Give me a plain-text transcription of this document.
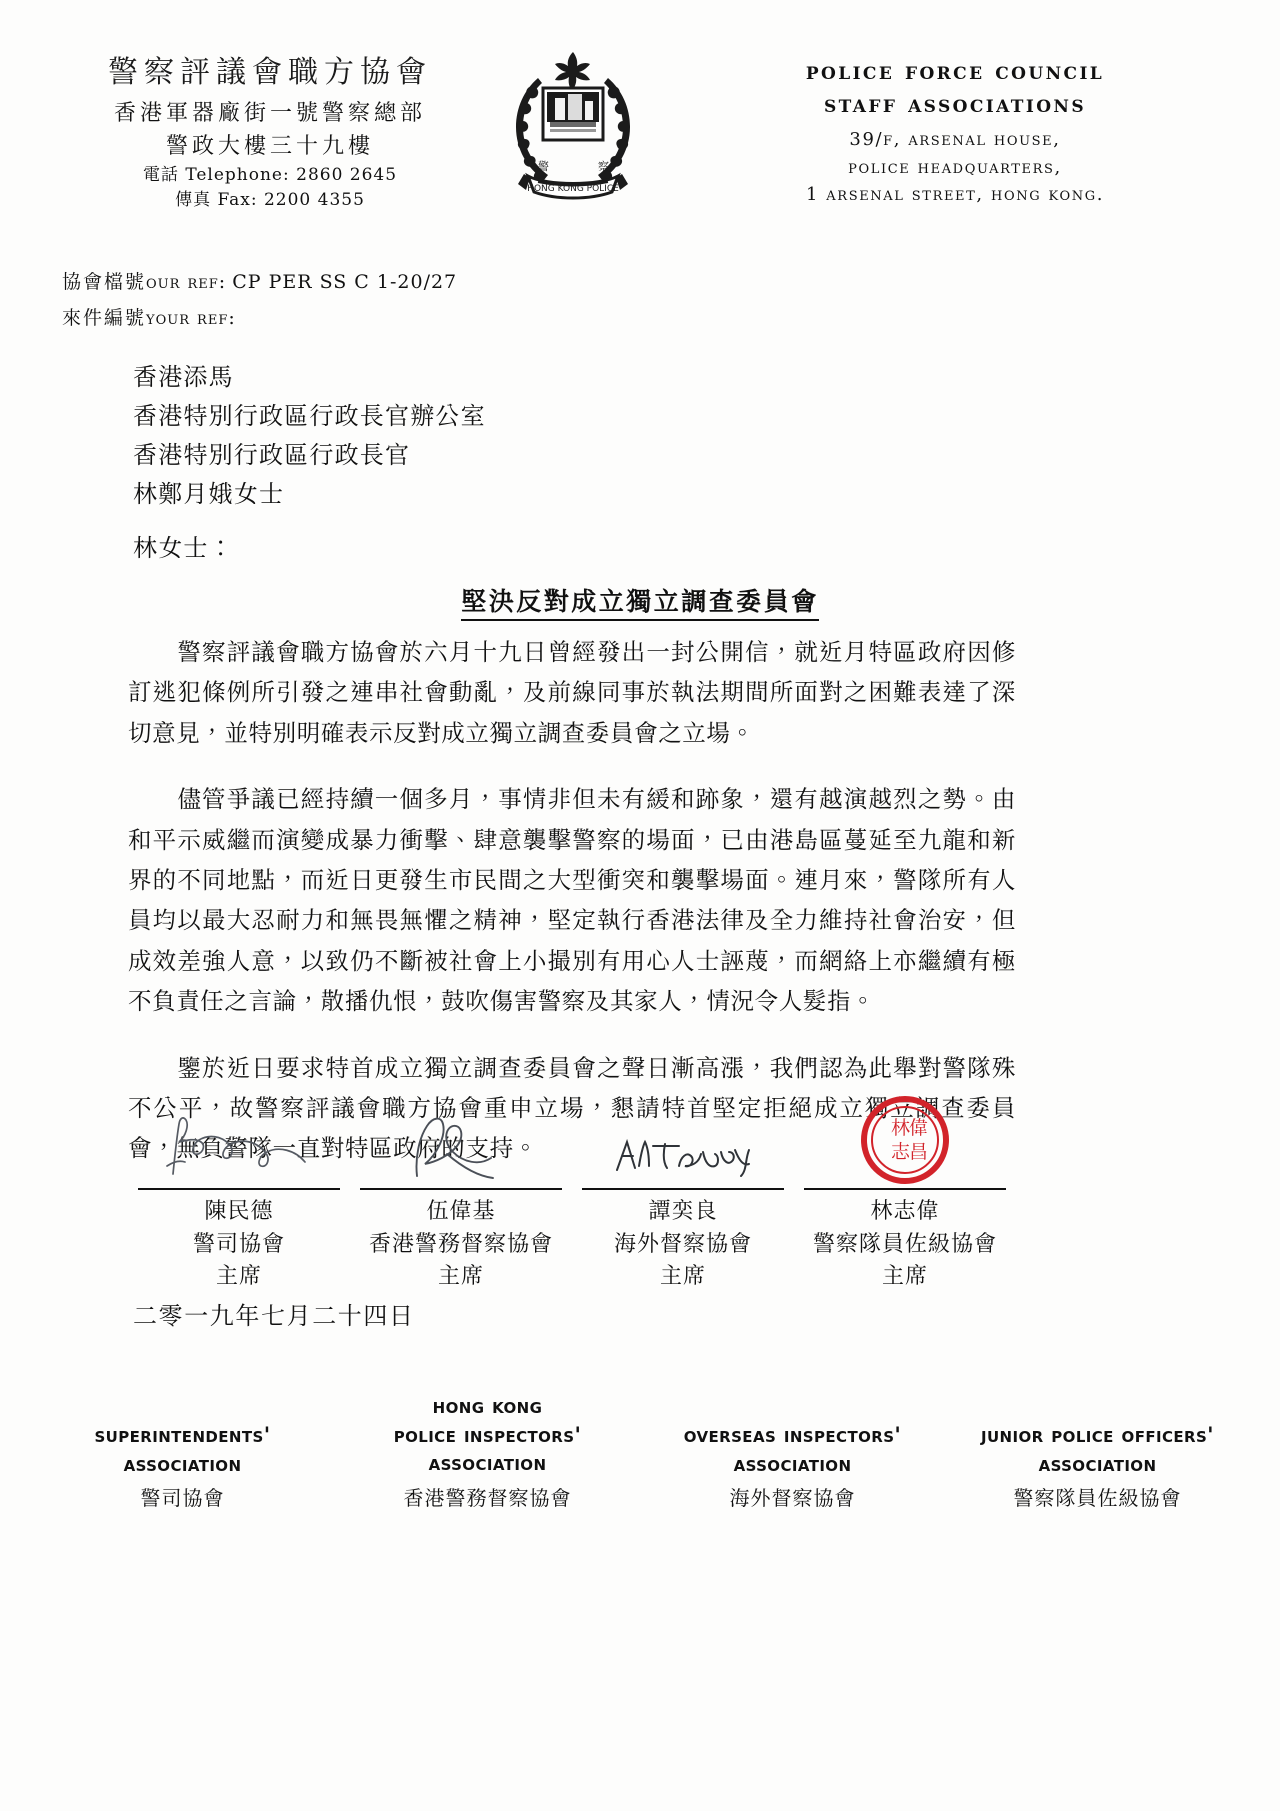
警察評議會職方協會
香港軍器廠街一號警察總部
警政大樓三十九樓
電話 Telephone: 2860 2645
傳真 Fax: 2200 4355
HONG KONG POLICE
警	察
police force council
staff associations
39/f, arsenal house,
police headquarters,
1 arsenal street, hong kong.
協會檔號our ref: CP PER SS C 1-20/27
來件編號your ref:
香港添馬
香港特別行政區行政長官辦公室
香港特別行政區行政長官
林鄭月娥女士
林女士：
堅決反對成立獨立調查委員會

警察評議會職方協會於六月十九日曾經發出一封公開信，就近月特區政府因修訂逃犯條例所引發之連串社會動亂，及前線同事於執法期間所面對之困難表達了深切意見，並特別明確表示反對成立獨立調查委員會之立場。

儘管爭議已經持續一個多月，事情非但未有緩和跡象，還有越演越烈之勢。由和平示威繼而演變成暴力衝擊、肆意襲擊警察的場面，已由港島區蔓延至九龍和新界的不同地點，而近日更發生市民間之大型衝突和襲擊場面。連月來，警隊所有人員均以最大忍耐力和無畏無懼之精神，堅定執行香港法律及全力維持社會治安，但成效差強人意，以致仍不斷被社會上小撮別有用心人士誣蔑，而網絡上亦繼續有極不負責任之言論，散播仇恨，鼓吹傷害警察及其家人，情況令人髮指。

鑒於近日要求特首成立獨立調查委員會之聲日漸高漲，我們認為此舉對警隊殊不公平，故警察評議會職方協會重申立場，懇請特首堅定拒絕成立獨立調查委員會，無負警隊一直對特區政府的支持。

陳民德
警司協會
主席
伍偉基
香港警務督察協會
主席
譚奕良
海外督察協會
主席
林
偉
志
昌
林志偉
警察隊員佐級協會
主席
二零一九年七月二十四日
superintendents'
association
警司協會
hong kong
police inspectors'
association
香港警務督察協會
overseas inspectors'
association
海外督察協會
junior police officers'
association
警察隊員佐級協會
